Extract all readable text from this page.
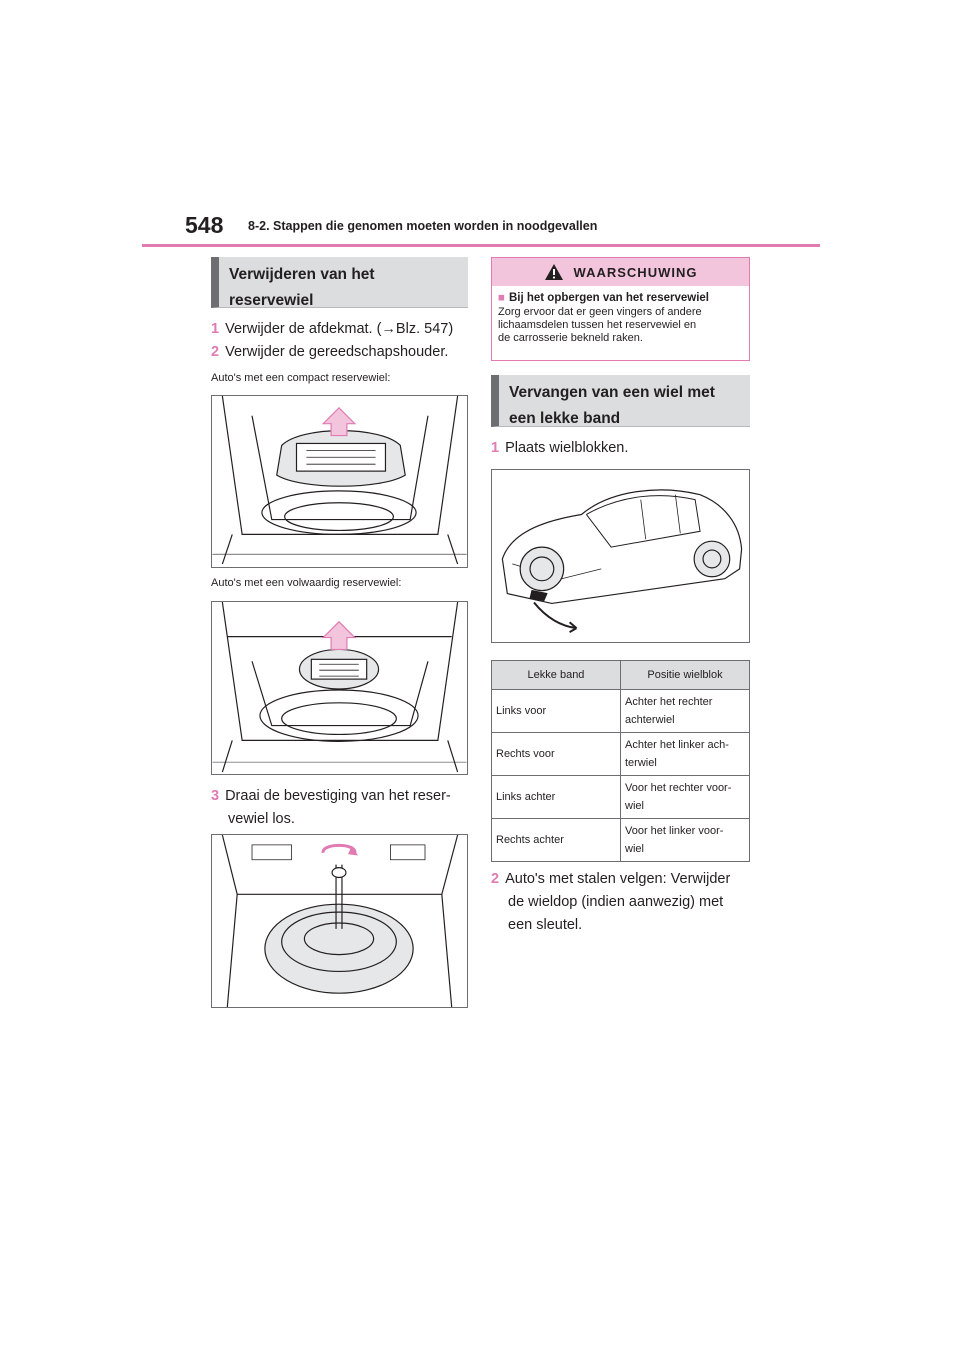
548 8-2. Stappen die genomen moeten worden in noodgevallen
Verwijderen van het
reservewiel
1 Verwijder de afdekmat. (→Blz. 547)
2 Verwijder de gereedschapshouder.
Auto's met een compact reservewiel:
Auto's met een volwaardig reservewiel:
3 Draai de bevestiging van het reser-
vewiel los.
WAARSCHUWING
■ Bij het opbergen van het reservewiel
Zorg ervoor dat er geen vingers of andere
lichaamsdelen tussen het reservewiel en
de carrosserie bekneld raken.
Vervangen van een wiel met
een lekke band
1 Plaats wielblokken.
Lekke band	Positie wielblok
Links voor	Achter het rechter
achterwiel

Rechts voor	Achter het linker ach-
terwiel

Links achter	Voor het rechter voor-
wiel

Rechts achter	Voor het linker voor-
wiel
2 Auto's met stalen velgen: Verwijder
de wieldop (indien aanwezig) met
een sleutel.
